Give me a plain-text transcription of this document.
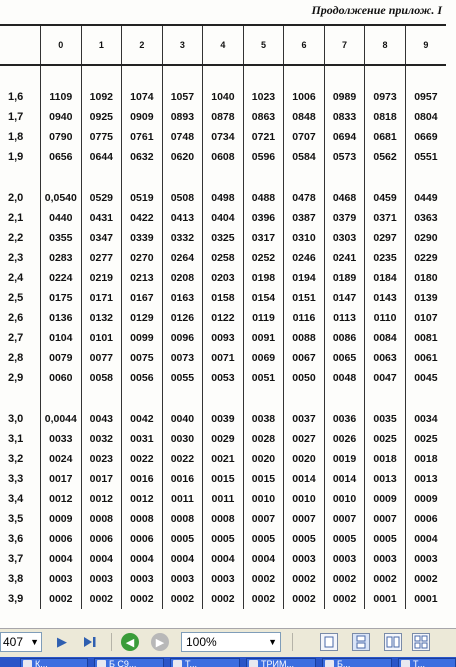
Продолжение прилож. I
	0	1	2	3	4	5	6	7	8	9

1,6	1109	1092	1074	1057	1040	1023	1006	0989	0973	0957
1,7	0940	0925	0909	0893	0878	0863	0848	0833	0818	0804
1,8	0790	0775	0761	0748	0734	0721	0707	0694	0681	0669
1,9	0656	0644	0632	0620	0608	0596	0584	0573	0562	0551

2,0	0,0540	0529	0519	0508	0498	0488	0478	0468	0459	0449
2,1	0440	0431	0422	0413	0404	0396	0387	0379	0371	0363
2,2	0355	0347	0339	0332	0325	0317	0310	0303	0297	0290
2,3	0283	0277	0270	0264	0258	0252	0246	0241	0235	0229
2,4	0224	0219	0213	0208	0203	0198	0194	0189	0184	0180
2,5	0175	0171	0167	0163	0158	0154	0151	0147	0143	0139
2,6	0136	0132	0129	0126	0122	0119	0116	0113	0110	0107
2,7	0104	0101	0099	0096	0093	0091	0088	0086	0084	0081
2,8	0079	0077	0075	0073	0071	0069	0067	0065	0063	0061
2,9	0060	0058	0056	0055	0053	0051	0050	0048	0047	0045

3,0	0,0044	0043	0042	0040	0039	0038	0037	0036	0035	0034
3,1	0033	0032	0031	0030	0029	0028	0027	0026	0025	0025
3,2	0024	0023	0022	0022	0021	0020	0020	0019	0018	0018
3,3	0017	0017	0016	0016	0015	0015	0014	0014	0013	0013
3,4	0012	0012	0012	0011	0011	0010	0010	0010	0009	0009
3,5	0009	0008	0008	0008	0008	0007	0007	0007	0007	0006
3,6	0006	0006	0006	0005	0005	0005	0005	0005	0005	0004
3,7	0004	0004	0004	0004	0004	0004	0003	0003	0003	0003
3,8	0003	0003	0003	0003	0003	0002	0002	0002	0002	0002
3,9	0002	0002	0002	0002	0002	0002	0002	0002	0001	0001
407 ▼	▶	◀	▶	100%	▼
К...	Б С9...	Т...	ТРИМ...	Б...	Т...
